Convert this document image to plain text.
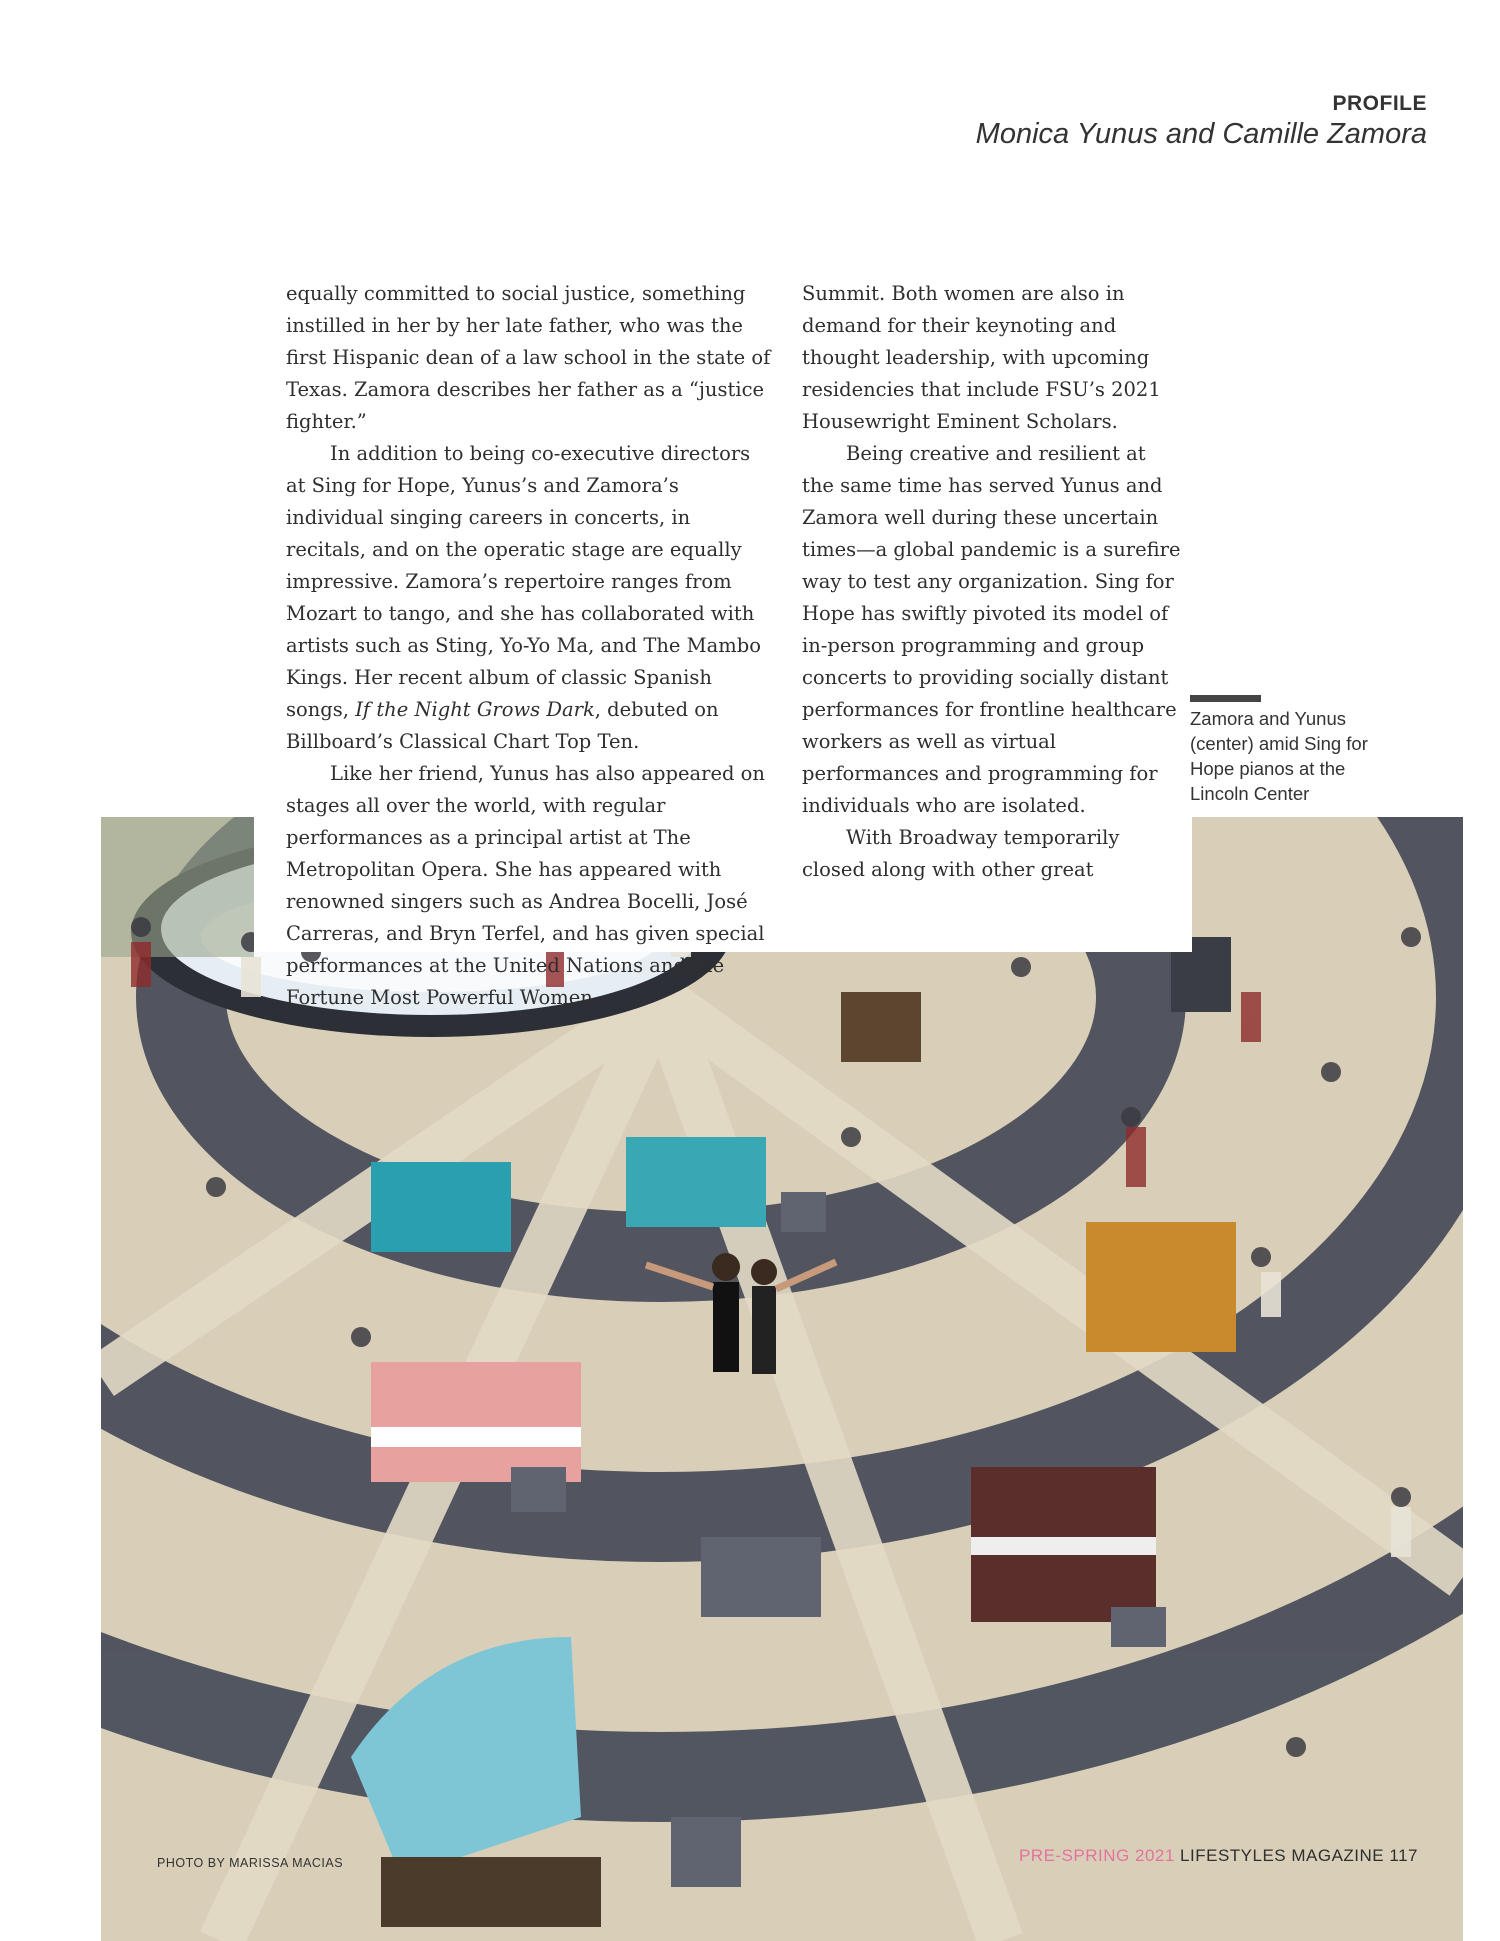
PROFILE
Monica Yunus and Camille Zamora

equally committed to social justice, something instilled in her by her late father, who was the first Hispanic dean of a law school in the state of Texas. Zamora describes her father as a “justice fighter.”

In addition to being co-executive directors at Sing for Hope, Yunus’s and Zamora’s individual singing careers in concerts, in recitals, and on the operatic stage are equally impressive. Zamora’s repertoire ranges from Mozart to tango, and she has collaborated with artists such as Sting, Yo-Yo Ma, and The Mambo Kings. Her recent album of classic Spanish songs, If the Night Grows Dark, debuted on Billboard’s Classical Chart Top Ten.

Like her friend, Yunus has also appeared on stages all over the world, with regular performances as a principal artist at The Metropolitan Opera. She has appeared with renowned singers such as Andrea Bocelli, José Carreras, and Bryn Terfel, and has given special performances at the United Nations and the Fortune Most Powerful Women

Summit. Both women are also in demand for their keynoting and thought leadership, with upcoming residencies that include FSU’s 2021 Housewright Eminent Scholars.

Being creative and resilient at the same time has served Yunus and Zamora well during these uncertain times—a global pandemic is a surefire way to test any organization. Sing for Hope has swiftly pivoted its model of in-person programming and group concerts to providing socially distant performances for frontline healthcare workers as well as virtual performances and programming for individuals who are isolated.

With Broadway temporarily closed along with other great

Zamora and Yunus (center) amid Sing for Hope pianos at the Lincoln Center
PHOTO BY MARISSA MACIAS	PRE-SPRING 2021 LIFESTYLES MAGAZINE 117
